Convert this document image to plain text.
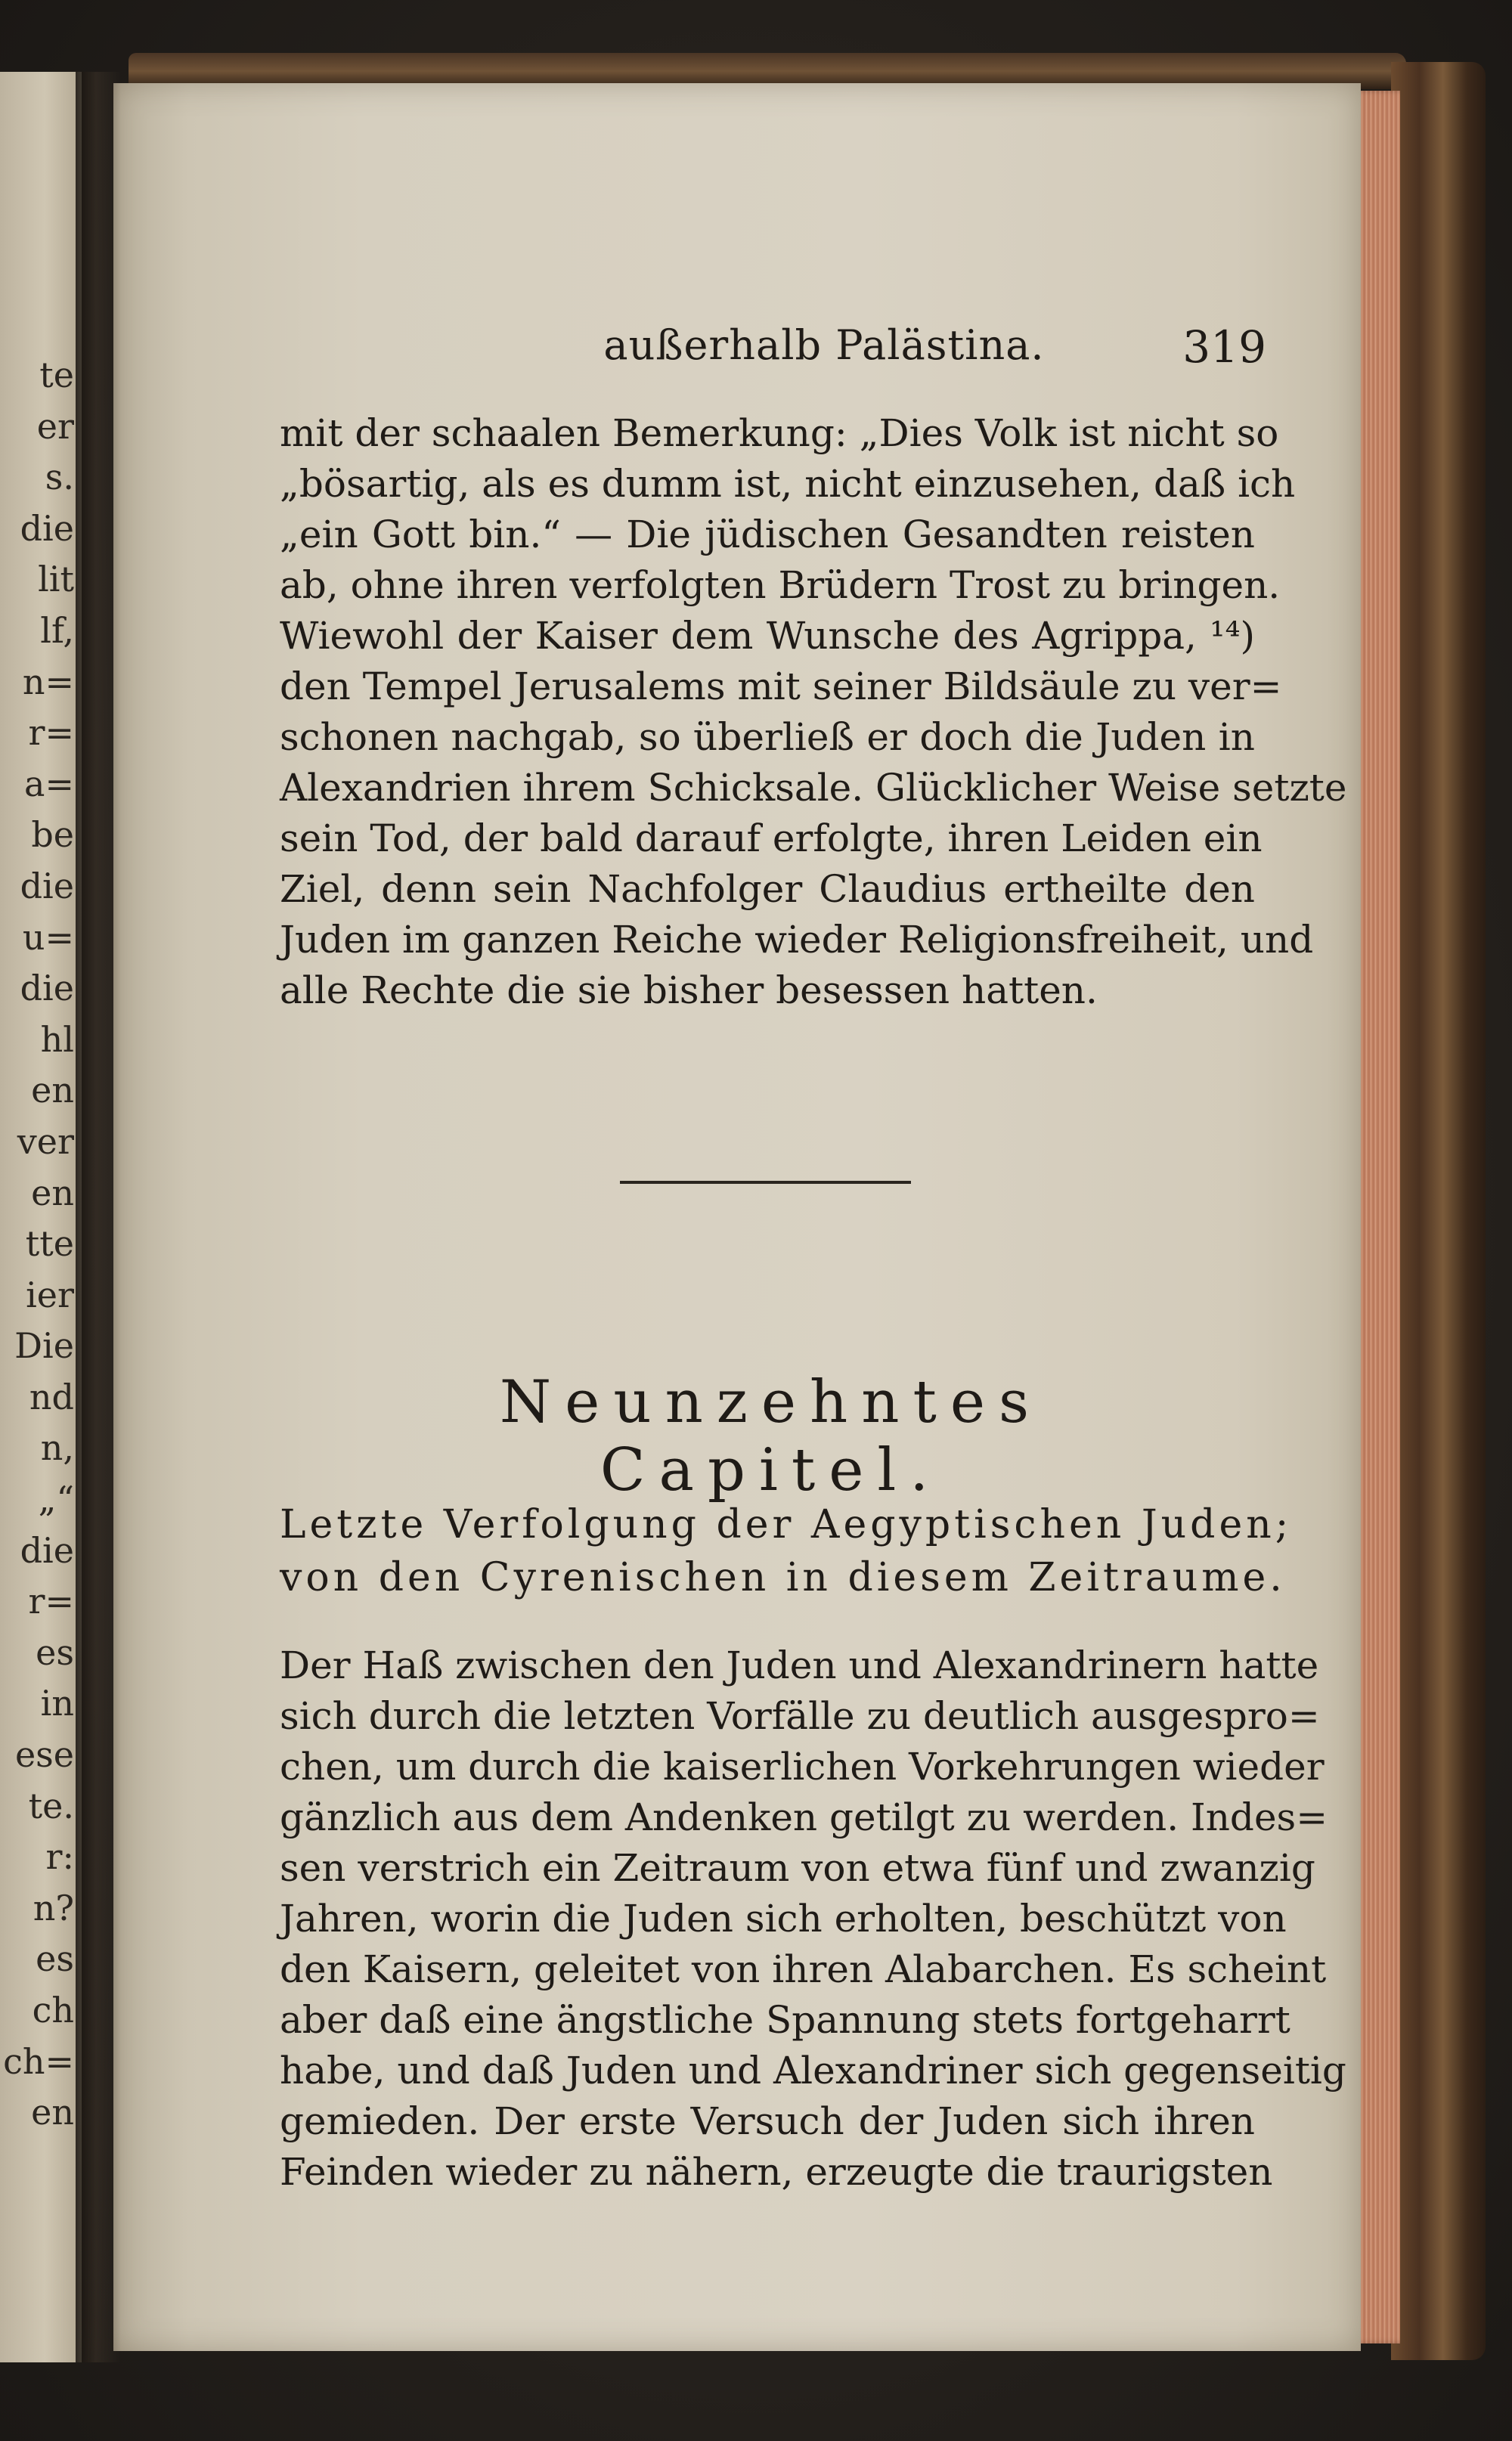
te
er
s.
die
lit
lf,
n=
r=
a=
be
die
u=
die
hl
en
ver
en
tte
ier
Die
nd
n,
„“
die
r=
es
in
ese
te.
r:
n?
es
ch
ch=
en
außerhalb Palästina.	319
mit der schaalen Bemerkung: „Dies Volk ist nicht so
„bösartig, als es dumm ist, nicht einzusehen, daß ich
„ein Gott bin.“ — Die jüdischen Gesandten reisten
ab, ohne ihren verfolgten Brüdern Trost zu bringen.
Wiewohl der Kaiser dem Wunsche des Agrippa, ¹⁴)
den Tempel Jerusalems mit seiner Bildsäule zu ver=
schonen nachgab, so überließ er doch die Juden in
Alexandrien ihrem Schicksale. Glücklicher Weise setzte
sein Tod, der bald darauf erfolgte, ihren Leiden ein
Ziel, denn sein Nachfolger Claudius ertheilte den
Juden im ganzen Reiche wieder Religionsfreiheit, und
alle Rechte die sie bisher besessen hatten.
Neunzehntes Capitel.
Letzte Verfolgung der Aegyptischen Juden;
von den Cyrenischen in diesem Zeitraume.
Der Haß zwischen den Juden und Alexandrinern hatte
sich durch die letzten Vorfälle zu deutlich ausgespro=
chen, um durch die kaiserlichen Vorkehrungen wieder
gänzlich aus dem Andenken getilgt zu werden. Indes=
sen verstrich ein Zeitraum von etwa fünf und zwanzig
Jahren, worin die Juden sich erholten, beschützt von
den Kaisern, geleitet von ihren Alabarchen. Es scheint
aber daß eine ängstliche Spannung stets fortgeharrt
habe, und daß Juden und Alexandriner sich gegenseitig
gemieden. Der erste Versuch der Juden sich ihren
Feinden wieder zu nähern, erzeugte die traurigsten
